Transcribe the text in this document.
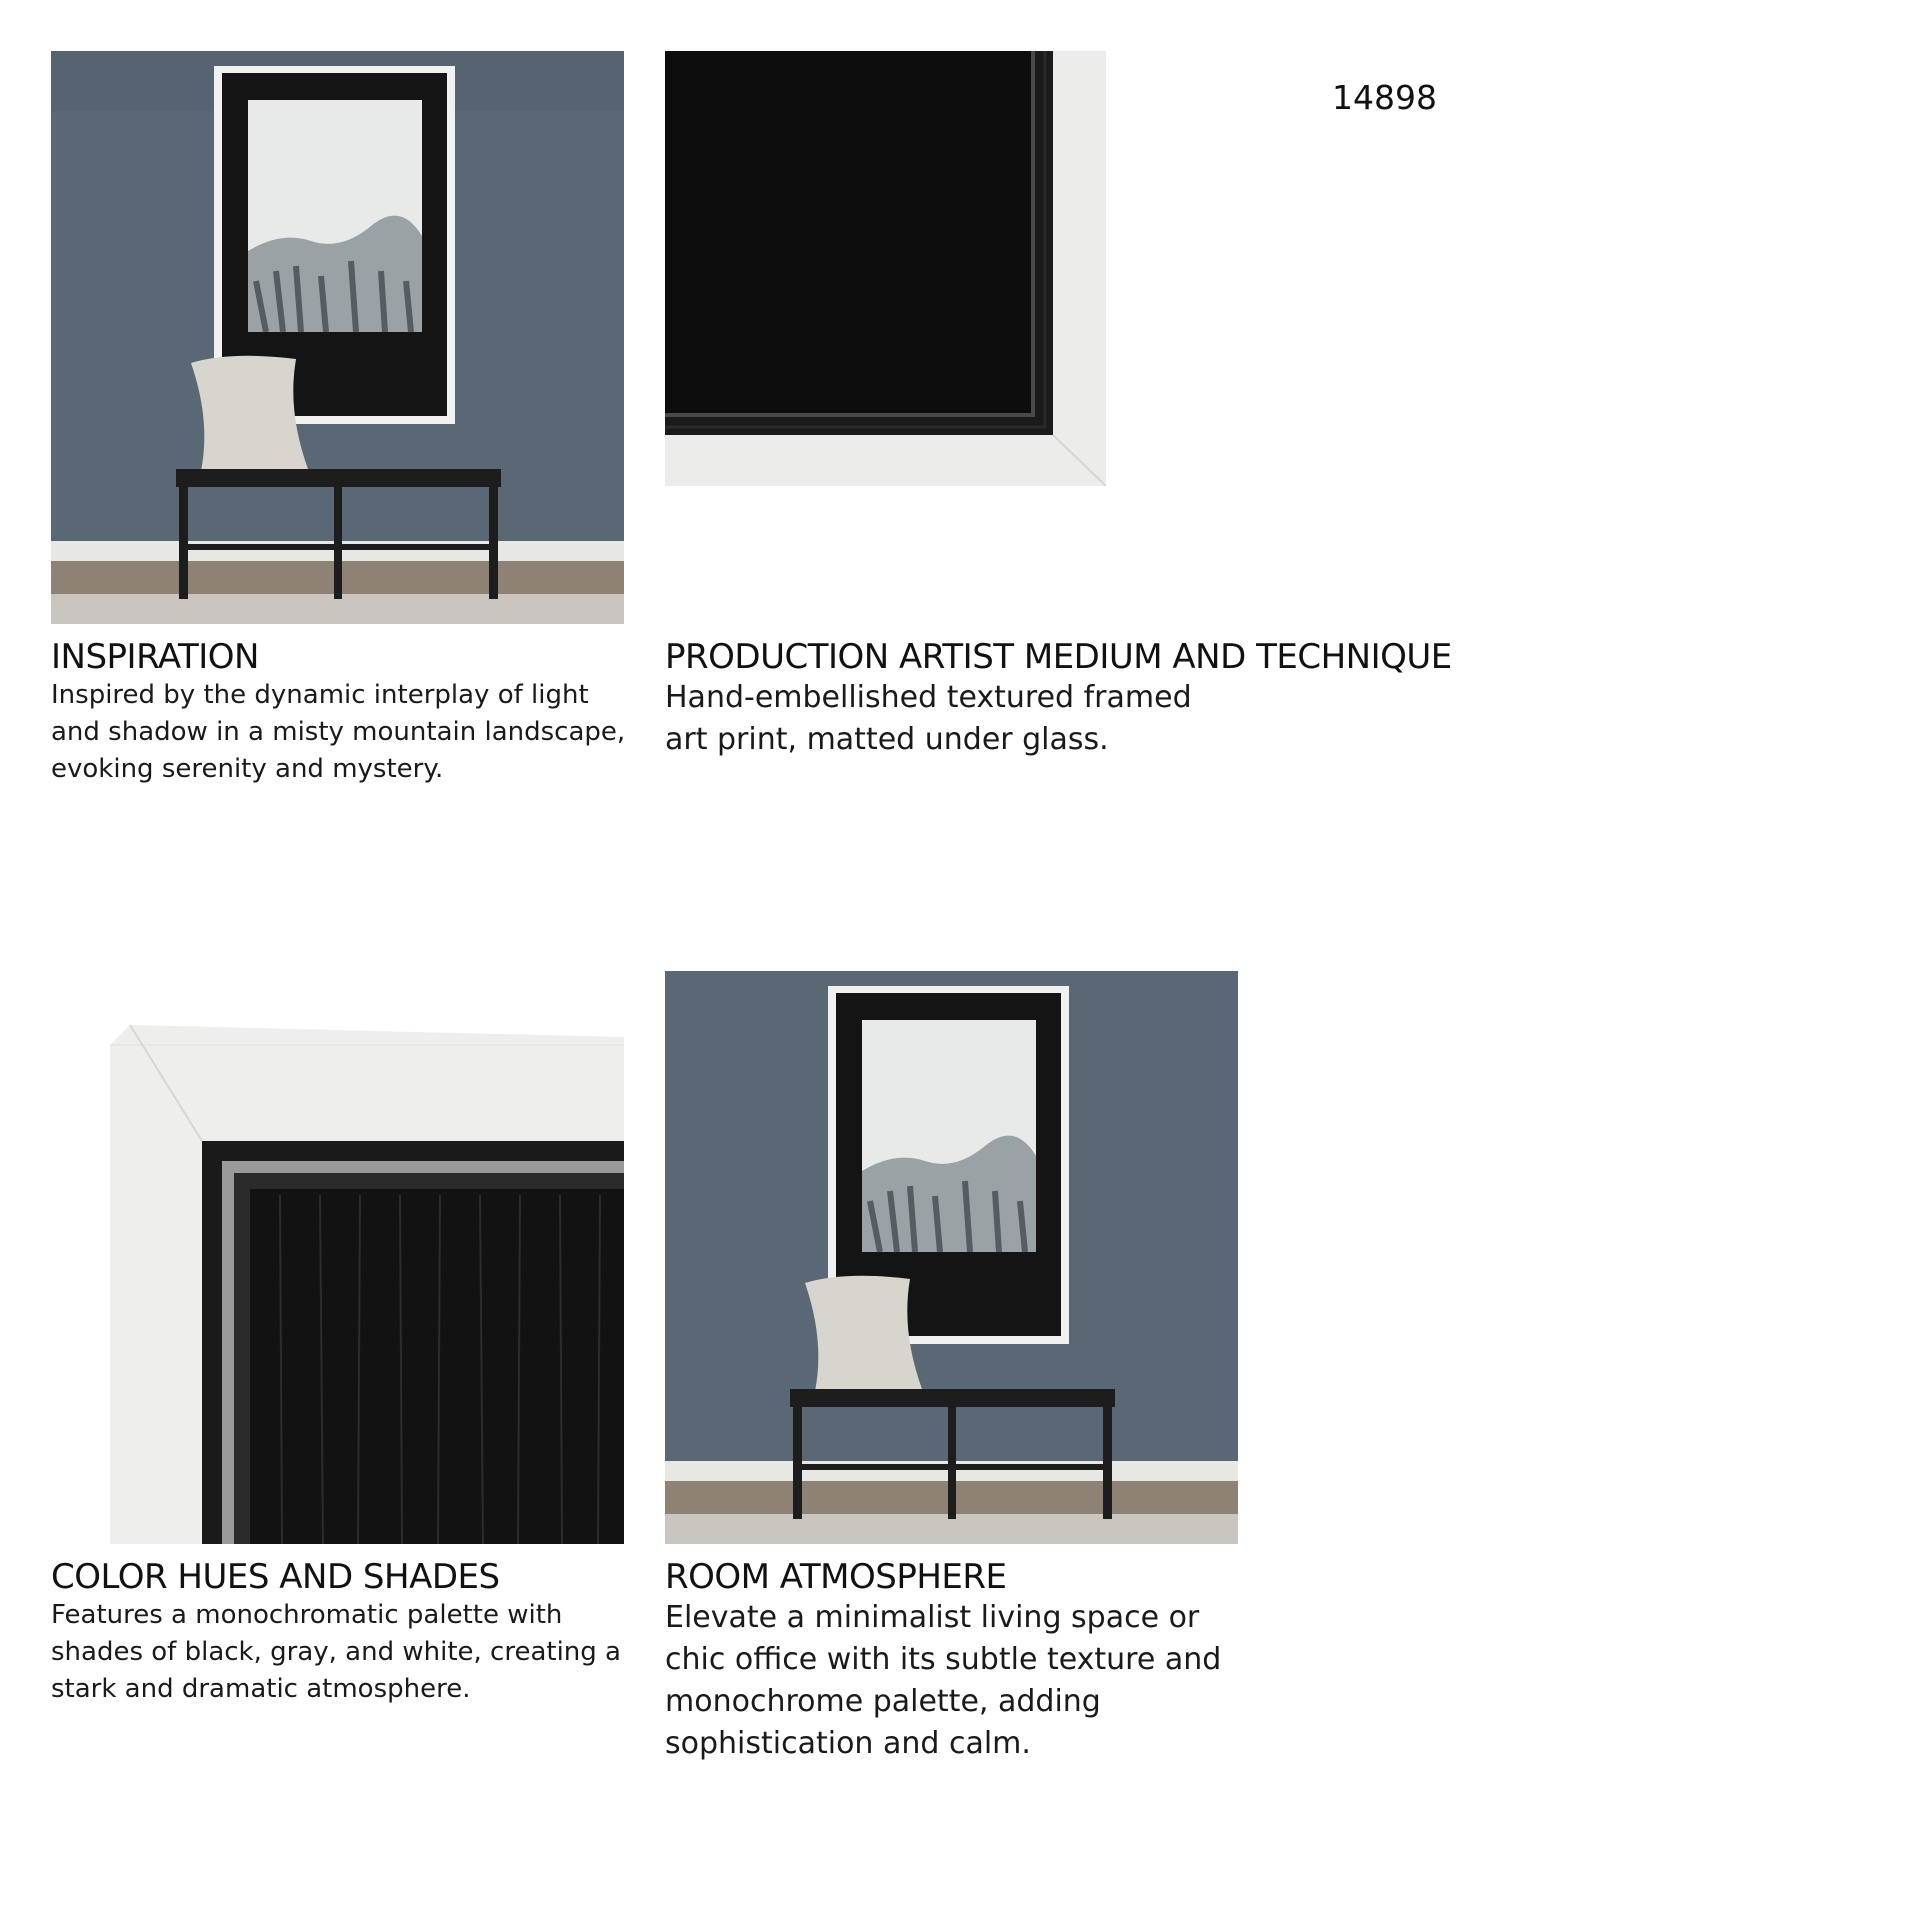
14898
INSPIRATION
Inspired by the dynamic interplay of light and shadow in a misty mountain landscape, evoking serenity and mystery.
PRODUCTION ARTIST MEDIUM AND TECHNIQUE
Hand-embellished textured framed art print, matted under glass.
COLOR HUES AND SHADES
Features a monochromatic palette with shades of black, gray, and white, creating a stark and dramatic atmosphere.
ROOM ATMOSPHERE
Elevate a minimalist living space or chic office with its subtle texture and monochrome palette, adding sophistication and calm.
